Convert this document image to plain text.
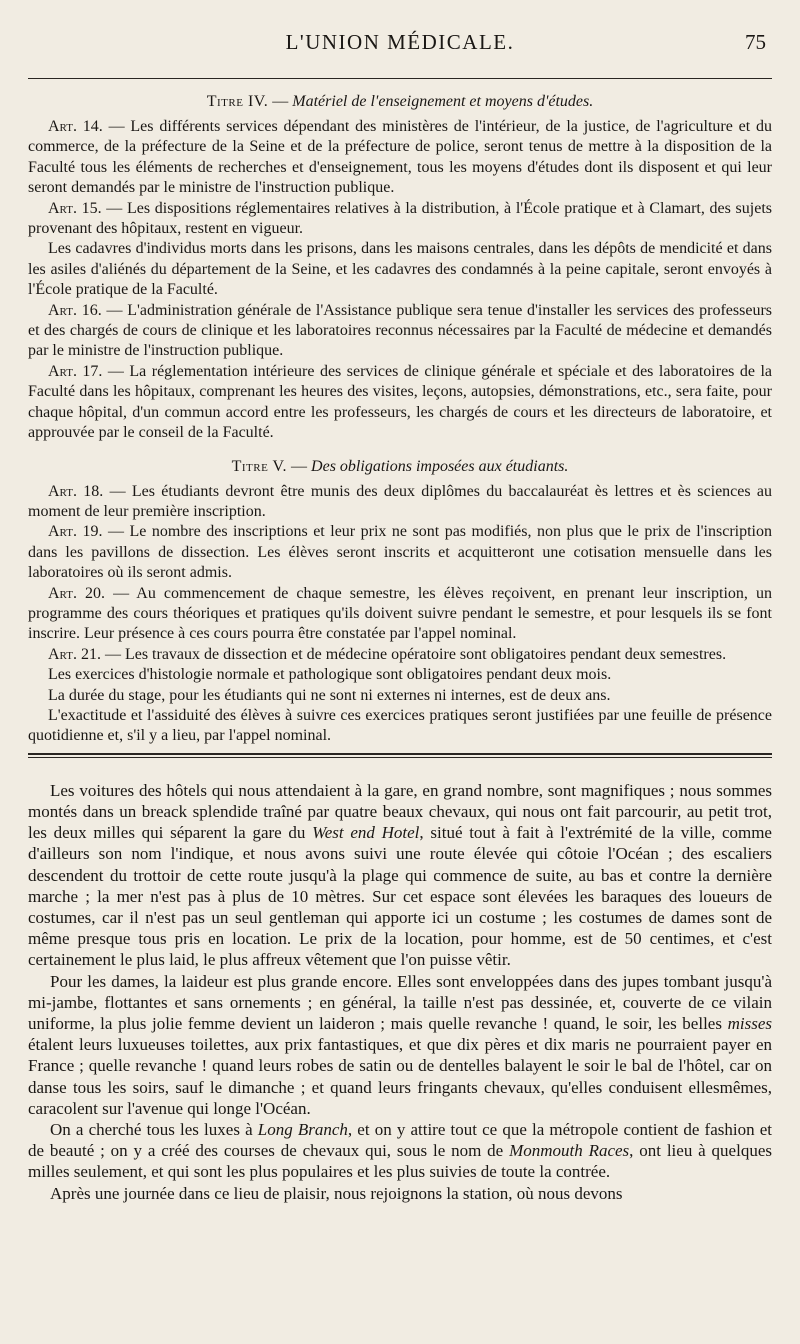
L'UNION MÉDICALE.	75
Titre IV. — Matériel de l'enseignement et moyens d'études.

Art. 14. — Les différents services dépendant des ministères de l'intérieur, de la justice, de l'agriculture et du commerce, de la préfecture de la Seine et de la préfecture de police, seront tenus de mettre à la disposition de la Faculté tous les éléments de recherches et d'enseignement, tous les moyens d'études dont ils disposent et qui leur seront demandés par le ministre de l'instruction publique.

Art. 15. — Les dispositions réglementaires relatives à la distribution, à l'École pratique et à Clamart, des sujets provenant des hôpitaux, restent en vigueur.

Les cadavres d'individus morts dans les prisons, dans les maisons centrales, dans les dépôts de mendicité et dans les asiles d'aliénés du département de la Seine, et les cadavres des condamnés à la peine capitale, seront envoyés à l'École pratique de la Faculté.

Art. 16. — L'administration générale de l'Assistance publique sera tenue d'installer les services des professeurs et des chargés de cours de clinique et les laboratoires reconnus nécessaires par la Faculté de médecine et demandés par le ministre de l'instruction publique.

Art. 17. — La réglementation intérieure des services de clinique générale et spéciale et des laboratoires de la Faculté dans les hôpitaux, comprenant les heures des visites, leçons, autopsies, démonstrations, etc., sera faite, pour chaque hôpital, d'un commun accord entre les professeurs, les chargés de cours et les directeurs de laboratoire, et approuvée par le conseil de la Faculté.

Titre V. — Des obligations imposées aux étudiants.

Art. 18. — Les étudiants devront être munis des deux diplômes du baccalauréat ès lettres et ès sciences au moment de leur première inscription.

Art. 19. — Le nombre des inscriptions et leur prix ne sont pas modifiés, non plus que le prix de l'inscription dans les pavillons de dissection. Les élèves seront inscrits et acquitteront une cotisation mensuelle dans les laboratoires où ils seront admis.

Art. 20. — Au commencement de chaque semestre, les élèves reçoivent, en prenant leur inscription, un programme des cours théoriques et pratiques qu'ils doivent suivre pendant le semestre, et pour lesquels ils se font inscrire. Leur présence à ces cours pourra être constatée par l'appel nominal.

Art. 21. — Les travaux de dissection et de médecine opératoire sont obligatoires pendant deux semestres.

Les exercices d'histologie normale et pathologique sont obligatoires pendant deux mois.

La durée du stage, pour les étudiants qui ne sont ni externes ni internes, est de deux ans.

L'exactitude et l'assiduité des élèves à suivre ces exercices pratiques seront justifiées par une feuille de présence quotidienne et, s'il y a lieu, par l'appel nominal.

Les voitures des hôtels qui nous attendaient à la gare, en grand nombre, sont magnifiques ; nous sommes montés dans un breack splendide traîné par quatre beaux chevaux, qui nous ont fait parcourir, au petit trot, les deux milles qui séparent la gare du West end Hotel, situé tout à fait à l'extrémité de la ville, comme d'ailleurs son nom l'indique, et nous avons suivi une route élevée qui côtoie l'Océan ; des escaliers descendent du trottoir de cette route jusqu'à la plage qui commence de suite, au bas et contre la dernière marche ; la mer n'est pas à plus de 10 mètres. Sur cet espace sont élevées les baraques des loueurs de costumes, car il n'est pas un seul gentleman qui apporte ici un costume ; les costumes de dames sont de même presque tous pris en location. Le prix de la location, pour homme, est de 50 centimes, et c'est certainement le plus laid, le plus affreux vêtement que l'on puisse vêtir.

Pour les dames, la laideur est plus grande encore. Elles sont enveloppées dans des jupes tombant jusqu'à mi-jambe, flottantes et sans ornements ; en général, la taille n'est pas dessinée, et, couverte de ce vilain uniforme, la plus jolie femme devient un laideron ; mais quelle revanche ! quand, le soir, les belles misses étalent leurs luxueuses toilettes, aux prix fantastiques, et que dix pères et dix maris ne pourraient payer en France ; quelle revanche ! quand leurs robes de satin ou de dentelles balayent le soir le bal de l'hôtel, car on danse tous les soirs, sauf le dimanche ; et quand leurs fringants chevaux, qu'elles conduisent ellesmêmes, caracolent sur l'avenue qui longe l'Océan.

On a cherché tous les luxes à Long Branch, et on y attire tout ce que la métropole contient de fashion et de beauté ; on y a créé des courses de chevaux qui, sous le nom de Monmouth Races, ont lieu à quelques milles seulement, et qui sont les plus populaires et les plus suivies de toute la contrée.

Après une journée dans ce lieu de plaisir, nous rejoignons la station, où nous devons
